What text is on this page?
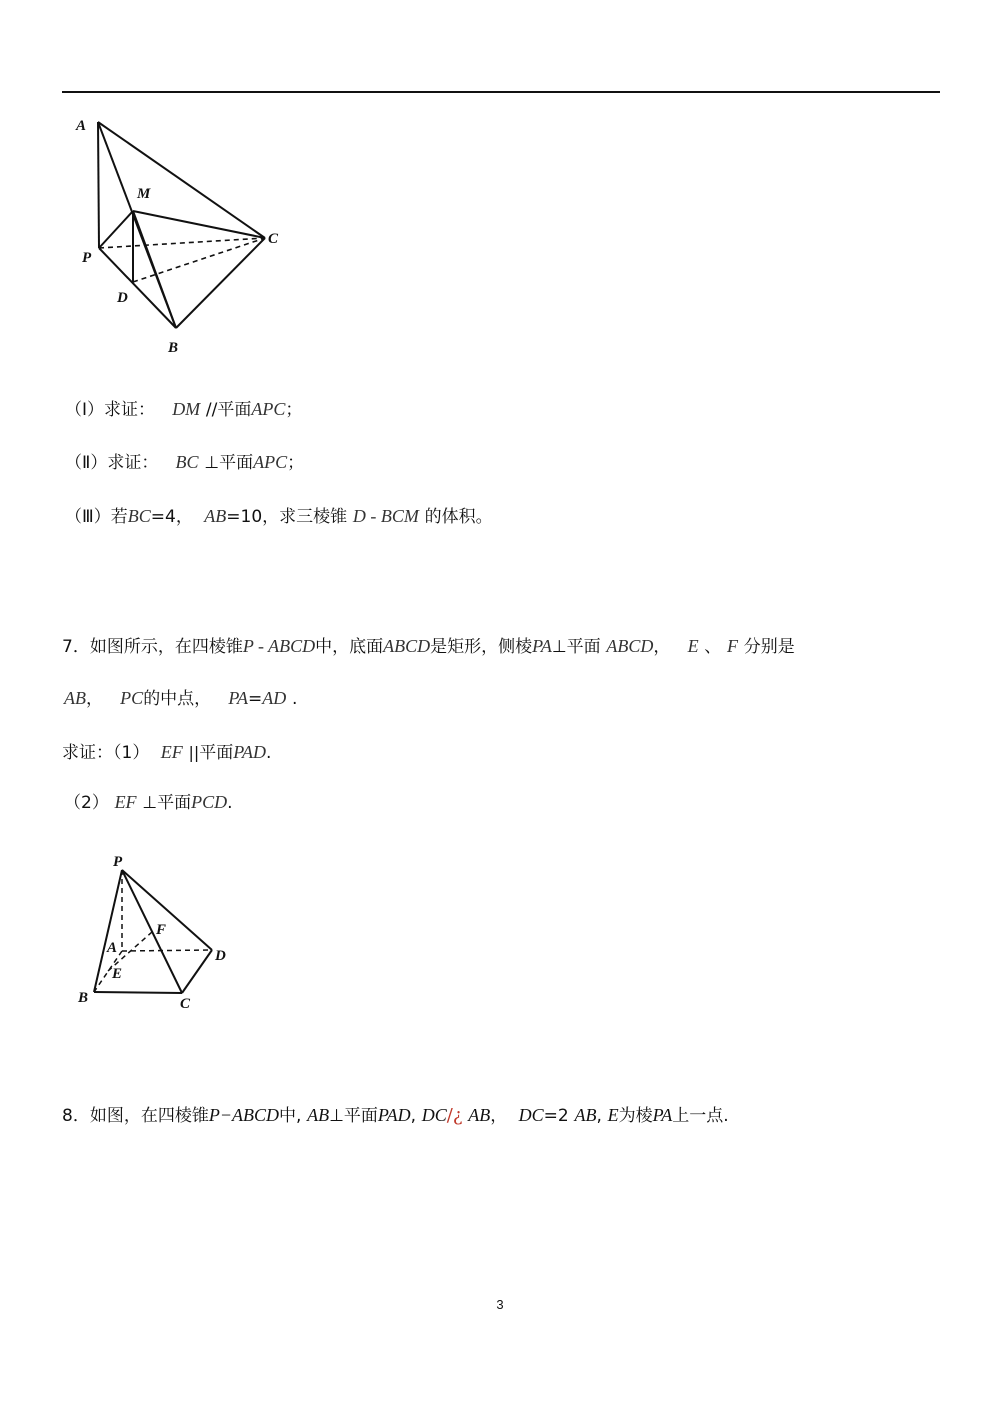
A
M
C
P
D
B
（Ⅰ）求证： DM //平面APC；
（Ⅱ）求证： BC ⊥平面APC；
（Ⅲ）若BC=4， AB=10，求三棱锥 D - BCM 的体积。
7．如图所示，在四棱锥P - ABCD中，底面ABCD是矩形，侧棱PA⊥平面 ABCD， E 、 F 分别是
AB， PC的中点， PA=AD .
求证：（1） EF ||平面PAD.
（2） EF ⊥平面PCD.
P
F
A	D
E
B	C
8．如图，在四棱锥P−ABCD中, AB⊥平面PAD, DC/¿ AB， DC=2 AB, E为棱PA上一点.
3
